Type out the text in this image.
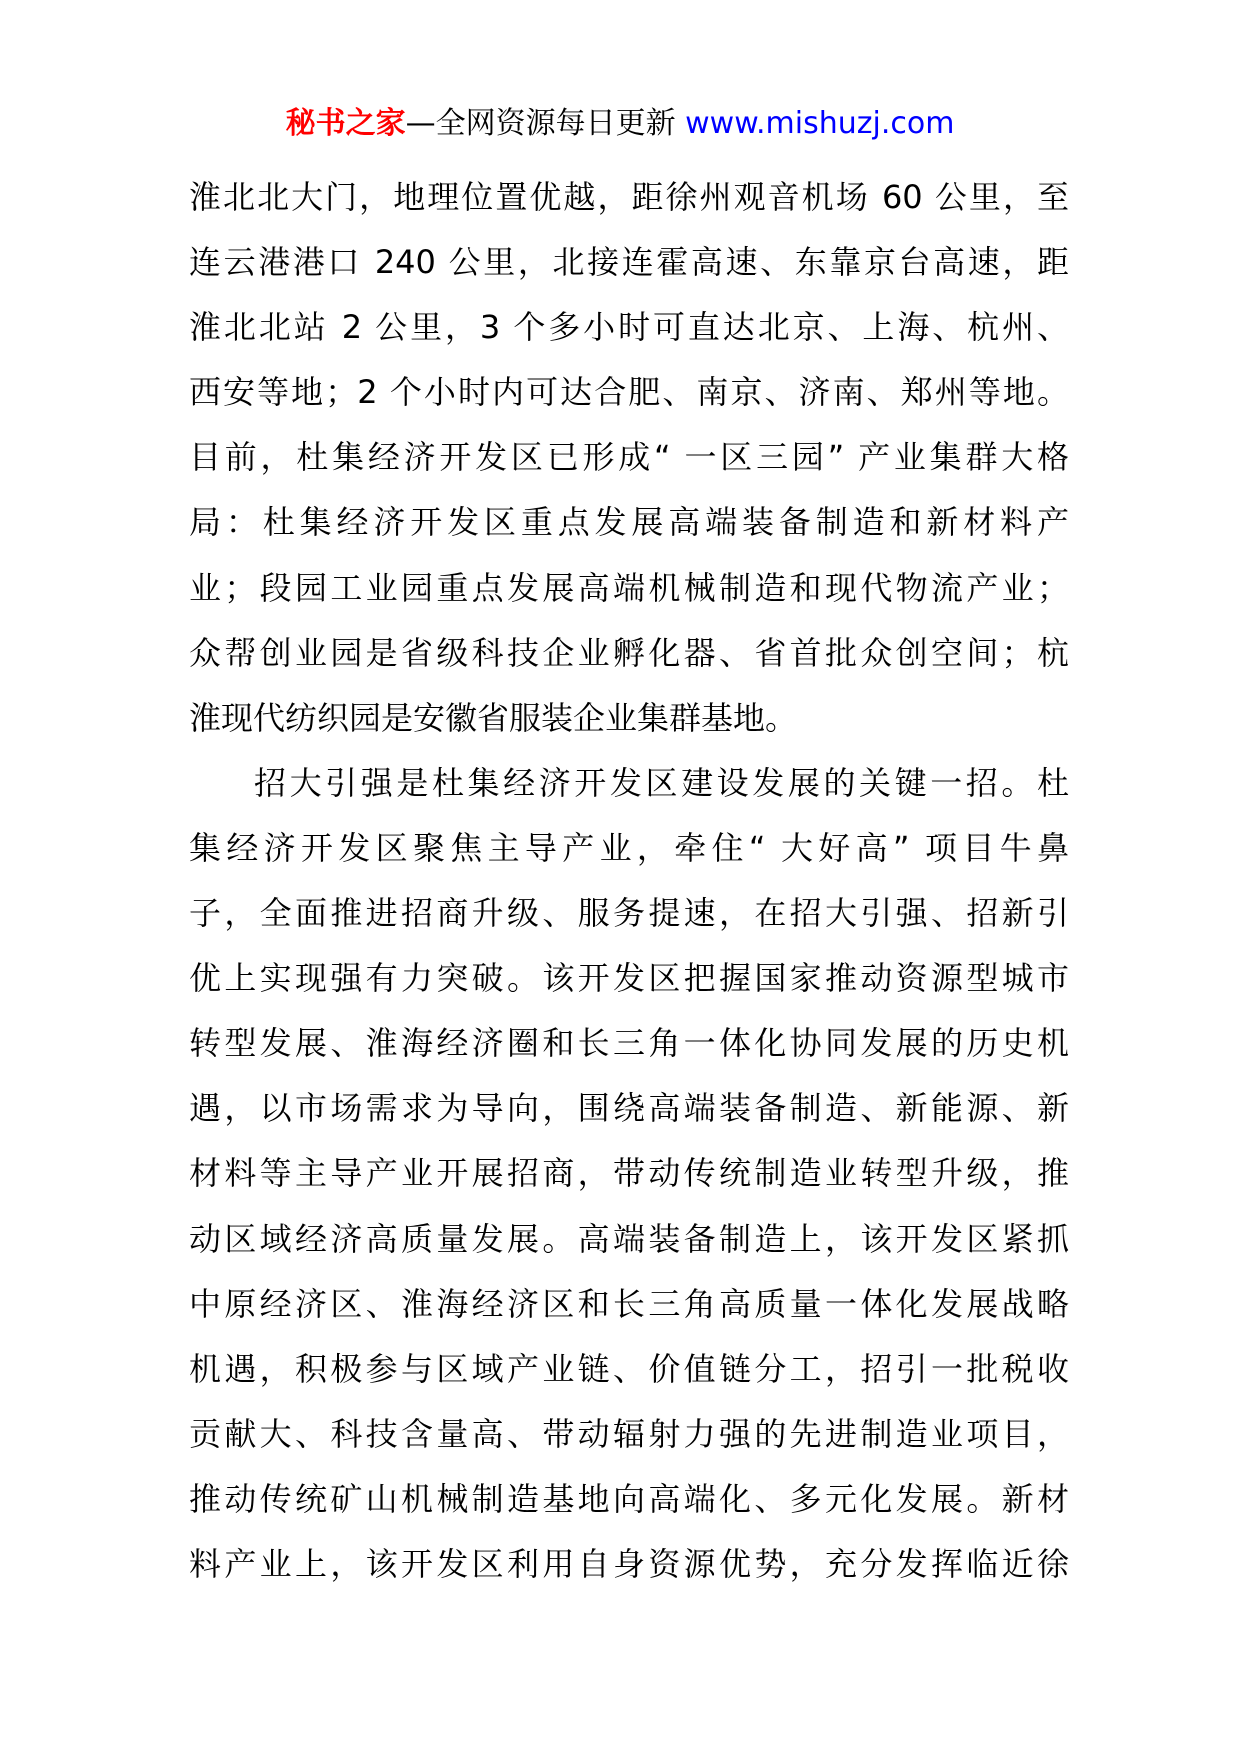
秘书之家—全网资源每日更新 www.mishuzj.com
淮北北大门，地理位置优越，距徐州观音机场 60 公里，至
连云港港口 240 公里，北接连霍高速、东靠京台高速，距
淮北北站 2 公里，3 个多小时可直达北京、上海、杭州、
西安等地；2 个小时内可达合肥、南京、济南、郑州等地。
目前，杜集经济开发区已形成“ 一区三园” 产业集群大格
局：杜集经济开发区重点发展高端装备制造和新材料产
业；段园工业园重点发展高端机械制造和现代物流产业；
众帮创业园是省级科技企业孵化器、省首批众创空间；杭
淮现代纺织园是安徽省服装企业集群基地。
招大引强是杜集经济开发区建设发展的关键一招。杜
集经济开发区聚焦主导产业，牵住“ 大好高” 项目牛鼻
子，全面推进招商升级、服务提速，在招大引强、招新引
优上实现强有力突破。该开发区把握国家推动资源型城市
转型发展、淮海经济圈和长三角一体化协同发展的历史机
遇，以市场需求为导向，围绕高端装备制造、新能源、新
材料等主导产业开展招商，带动传统制造业转型升级，推
动区域经济高质量发展。高端装备制造上，该开发区紧抓
中原经济区、淮海经济区和长三角高质量一体化发展战略
机遇，积极参与区域产业链、价值链分工，招引一批税收
贡献大、科技含量高、带动辐射力强的先进制造业项目，
推动传统矿山机械制造基地向高端化、多元化发展。新材
料产业上，该开发区利用自身资源优势，充分发挥临近徐
